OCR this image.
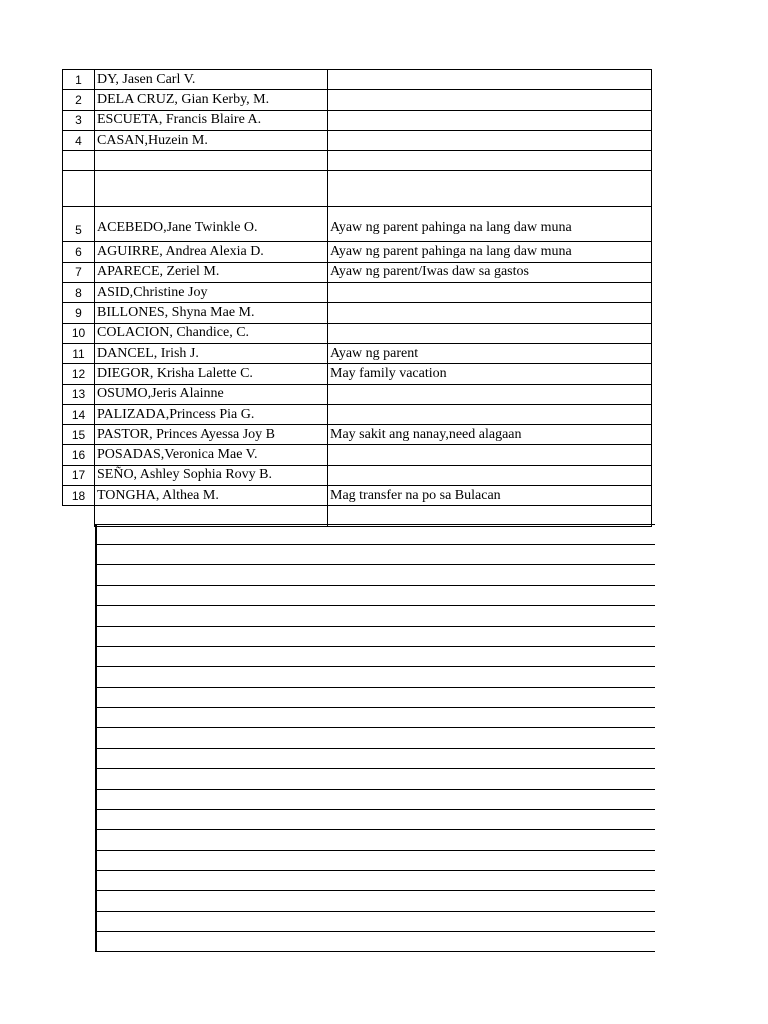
1	DY, Jasen Carl V.	
2	DELA CRUZ, Gian Kerby, M.	
3	ESCUETA, Francis Blaire A.	
4	CASAN,Huzein M.	

5	ACEBEDO,Jane Twinkle O.	Ayaw ng parent pahinga na lang daw muna
6	AGUIRRE, Andrea Alexia D.	Ayaw ng parent pahinga na lang daw muna
7	APARECE, Zeriel M.	Ayaw ng parent/Iwas daw sa gastos
8	ASID,Christine Joy	
9	BILLONES, Shyna Mae M.	
10	COLACION, Chandice, C.	
11	DANCEL, Irish J.	Ayaw ng parent
12	DIEGOR, Krisha Lalette C.	May family vacation
13	OSUMO,Jeris Alainne	
14	PALIZADA,Princess Pia G.	
15	PASTOR, Princes Ayessa Joy B	May sakit ang nanay,need alagaan
16	POSADAS,Veronica Mae V.	
17	SEÑO, Ashley Sophia Rovy B.	
18	TONGHA, Althea M.	Mag transfer na po sa Bulacan
